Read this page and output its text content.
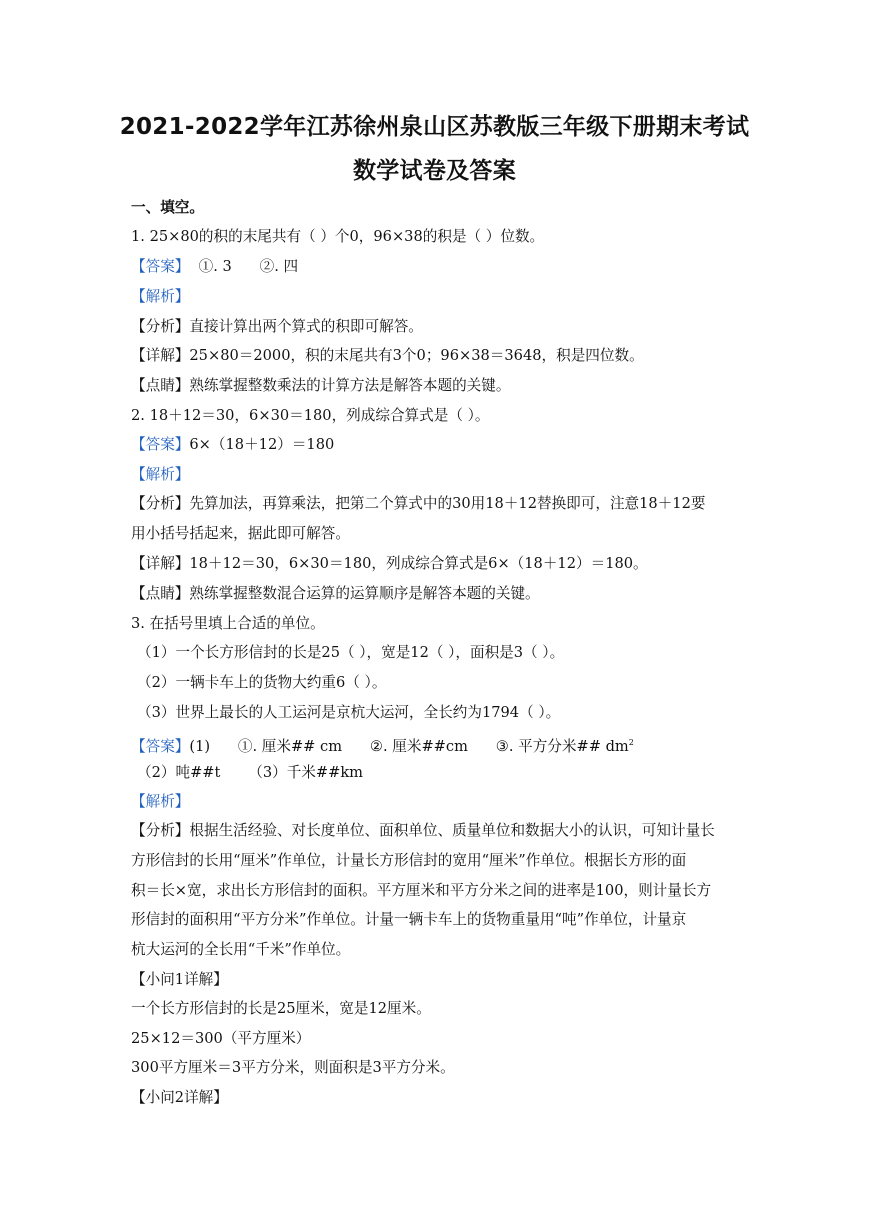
2021-2022学年江苏徐州泉山区苏教版三年级下册期末考试
数学试卷及答案
一、填空。
1. 25×80的积的末尾共有（ ）个0，96×38的积是（ ）位数。
【答案】  ①. 3      ②. 四
【解析】
【分析】直接计算出两个算式的积即可解答。
【详解】25×80＝2000，积的末尾共有3个0；96×38＝3648，积是四位数。
【点睛】熟练掌握整数乘法的计算方法是解答本题的关键。
2. 18＋12＝30，6×30＝180，列成综合算式是（ ）。
【答案】6×（18＋12）＝180
【解析】
【分析】先算加法，再算乘法，把第二个算式中的30用18＋12替换即可，注意18＋12要
用小括号括起来，据此即可解答。
【详解】18＋12＝30，6×30＝180，列成综合算式是6×（18＋12）＝180。
【点睛】熟练掌握整数混合运算的运算顺序是解答本题的关键。
3. 在括号里填上合适的单位。
（1）一个长方形信封的长是25（ ），宽是12（ ），面积是3（ ）。
（2）一辆卡车上的货物大约重6（ ）。
（3）世界上最长的人工运河是京杭大运河，全长约为1794（ ）。
【答案】(1)      ①. 厘米## cm      ②. 厘米##cm      ③. 平方分米## $dm^2$
（2）吨##t      （3）千米##km
【解析】
【分析】根据生活经验、对长度单位、面积单位、质量单位和数据大小的认识，可知计量长
方形信封的长用“厘米”作单位，计量长方形信封的宽用“厘米”作单位。根据长方形的面
积＝长×宽，求出长方形信封的面积。平方厘米和平方分米之间的进率是100，则计量长方
形信封的面积用“平方分米”作单位。计量一辆卡车上的货物重量用“吨”作单位，计量京
杭大运河的全长用“千米”作单位。
【小问1详解】
一个长方形信封的长是25厘米，宽是12厘米。
25×12＝300（平方厘米）
300平方厘米＝3平方分米，则面积是3平方分米。
【小问2详解】
